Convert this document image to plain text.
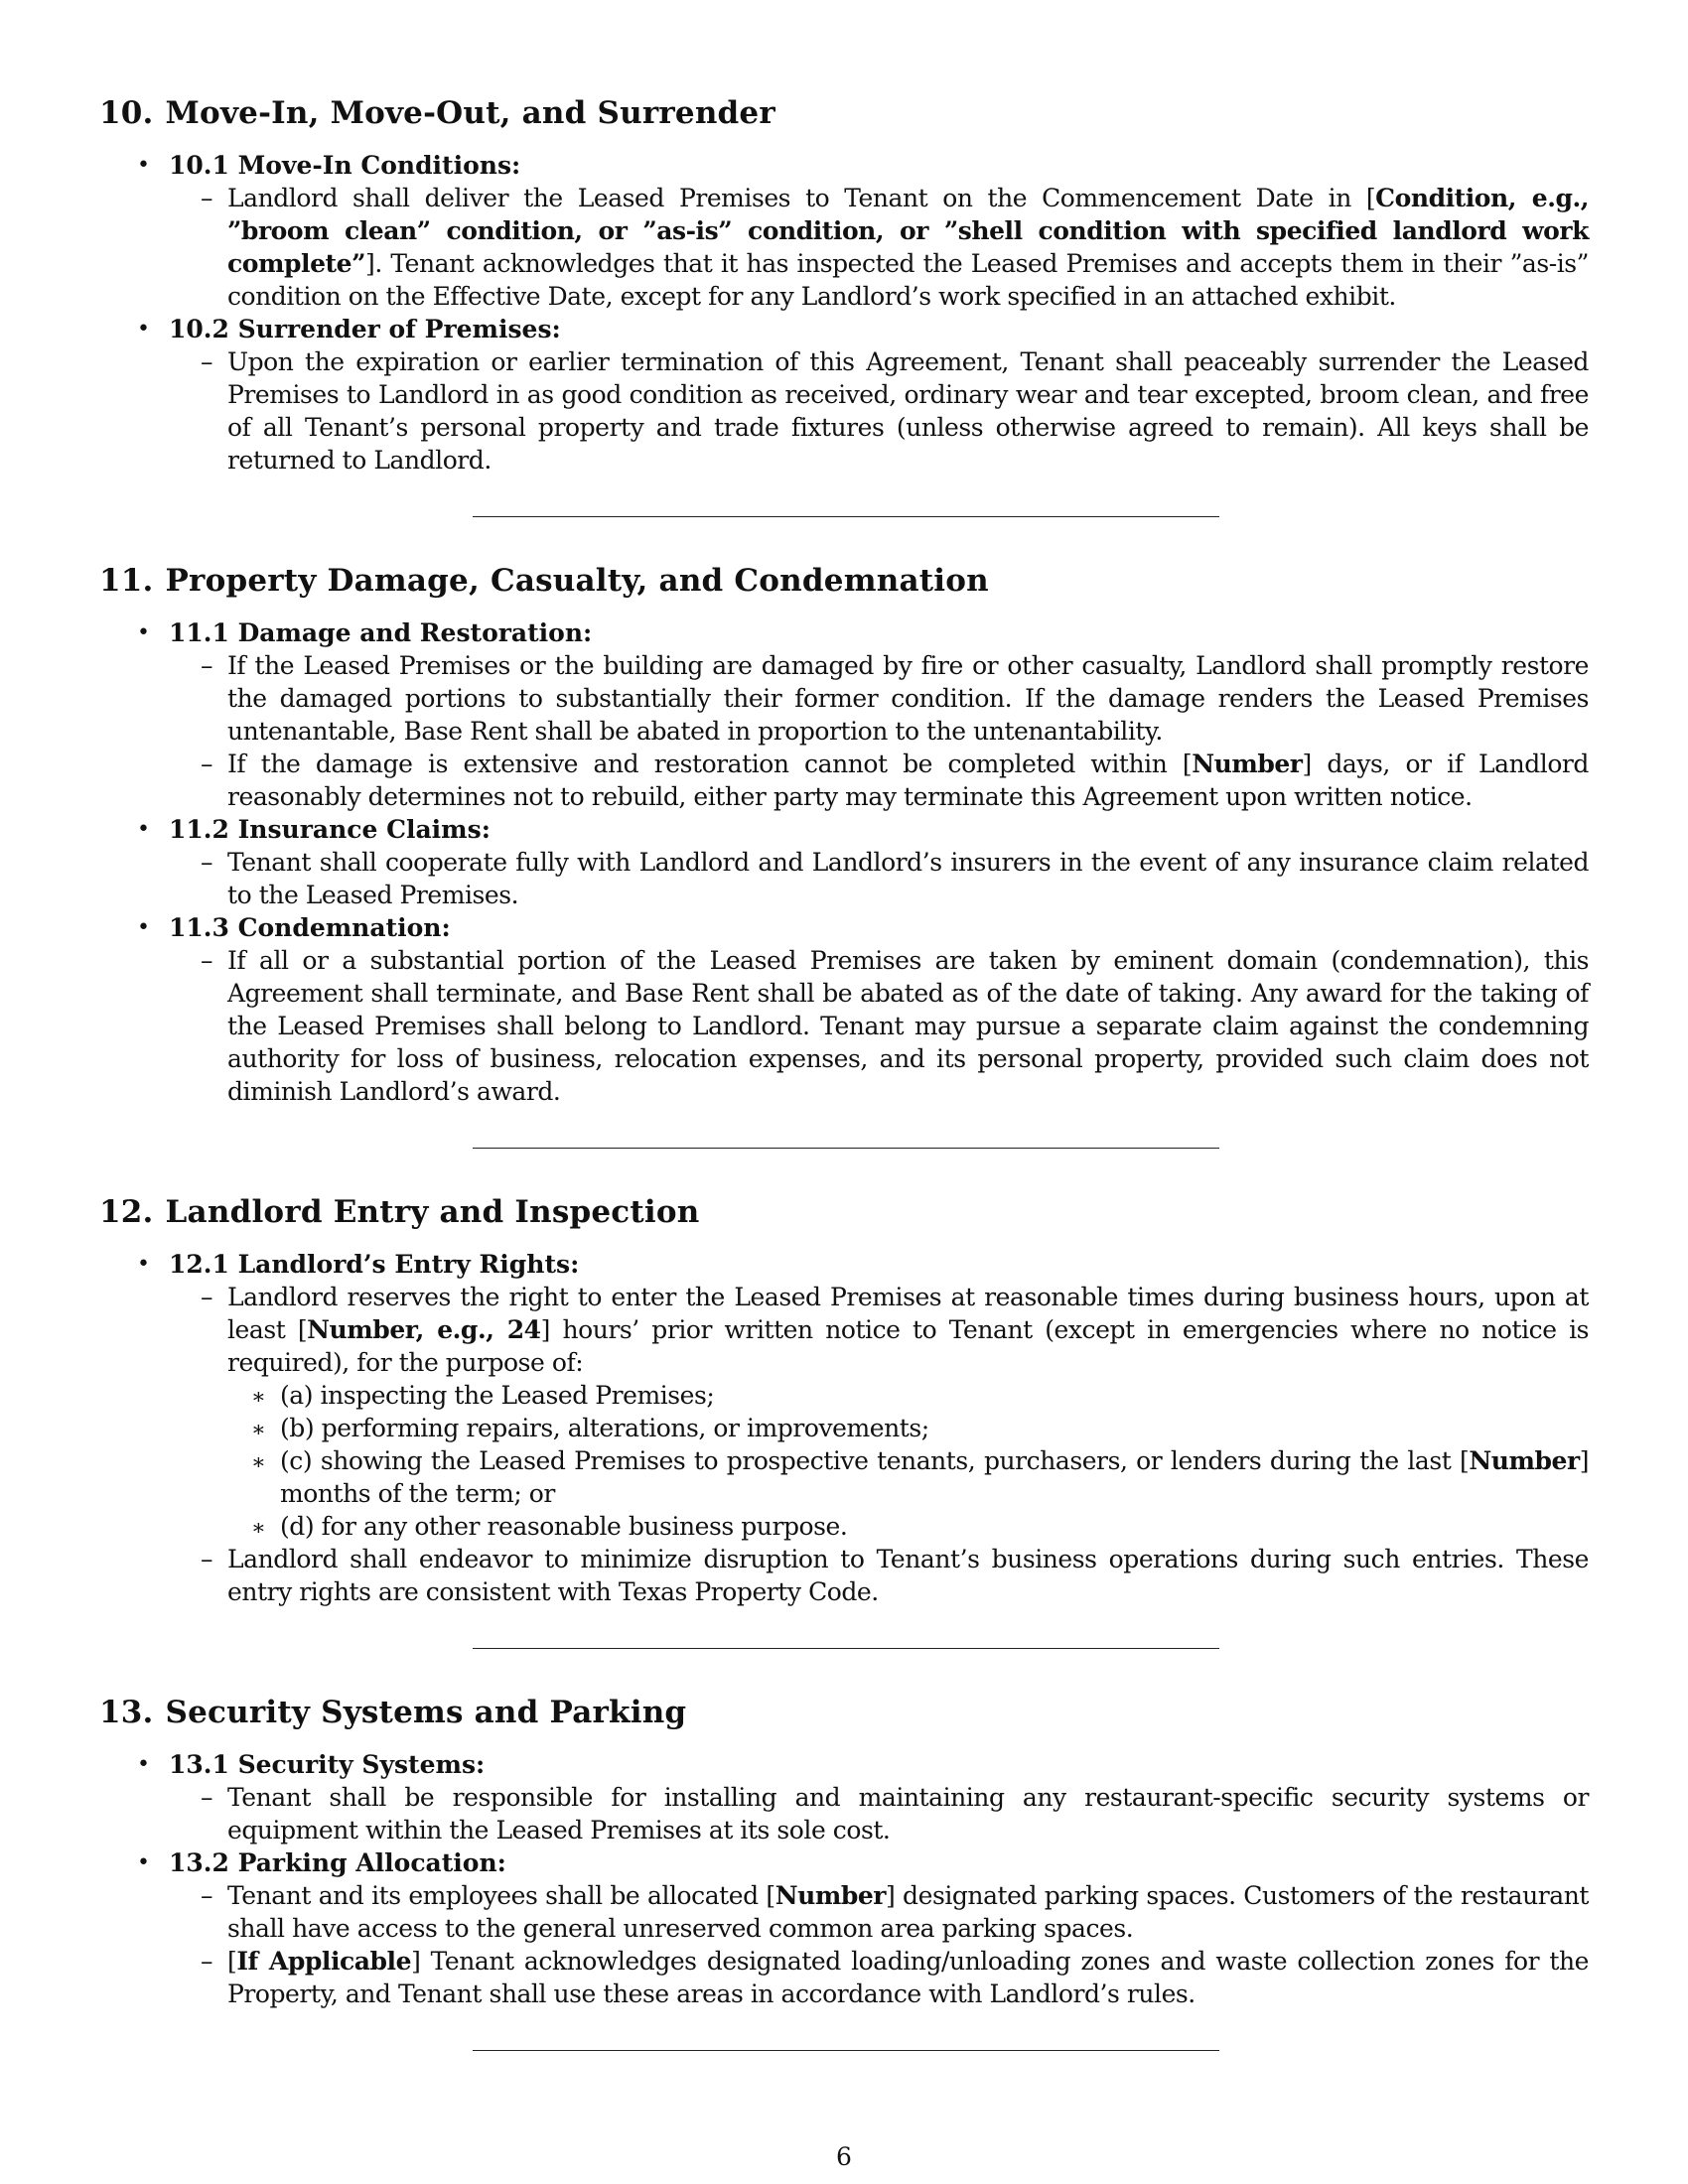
10. Move-In, Move-Out, and Surrender
• 10.1 Move-In Conditions:
– Landlord shall deliver the Leased Premises to Tenant on the Commencement Date in [Condition, e.g., ”broom clean” condition, or ”as-is” condition, or ”shell condition with specified landlord work complete”]. Tenant acknowledges that it has inspected the Leased Premises and accepts them in their ”as-is” condition on the Effective Date, except for any Landlord’s work specified in an attached exhibit.
• 10.2 Surrender of Premises:
– Upon the expiration or earlier termination of this Agreement, Tenant shall peaceably surrender the Leased Premises to Landlord in as good condition as received, ordinary wear and tear excepted, broom clean, and free of all Tenant’s personal property and trade fixtures (unless otherwise agreed to remain). All keys shall be returned to Landlord.
11. Property Damage, Casualty, and Condemnation
• 11.1 Damage and Restoration:
– If the Leased Premises or the building are damaged by fire or other casualty, Landlord shall promptly restore the damaged portions to substantially their former condition. If the damage renders the Leased Premises untenantable, Base Rent shall be abated in proportion to the untenantability.
– If the damage is extensive and restoration cannot be completed within [Number] days, or if Landlord reasonably determines not to rebuild, either party may terminate this Agreement upon written notice.
• 11.2 Insurance Claims:
– Tenant shall cooperate fully with Landlord and Landlord’s insurers in the event of any insurance claim related to the Leased Premises.
• 11.3 Condemnation:
– If all or a substantial portion of the Leased Premises are taken by eminent domain (condemnation), this Agreement shall terminate, and Base Rent shall be abated as of the date of taking. Any award for the taking of the Leased Premises shall belong to Landlord. Tenant may pursue a separate claim against the condemning authority for loss of business, relocation expenses, and its personal property, provided such claim does not diminish Landlord’s award.
12. Landlord Entry and Inspection
• 12.1 Landlord’s Entry Rights:
– Landlord reserves the right to enter the Leased Premises at reasonable times during business hours, upon at least [Number, e.g., 24] hours’ prior written notice to Tenant (except in emergencies where no notice is required), for the purpose of:
∗ (a) inspecting the Leased Premises;
∗ (b) performing repairs, alterations, or improvements;
∗ (c) showing the Leased Premises to prospective tenants, purchasers, or lenders during the last [Number] months of the term; or
∗ (d) for any other reasonable business purpose.
– Landlord shall endeavor to minimize disruption to Tenant’s business operations during such entries. These entry rights are consistent with Texas Property Code.
13. Security Systems and Parking
• 13.1 Security Systems:
– Tenant shall be responsible for installing and maintaining any restaurant-specific security systems or equipment within the Leased Premises at its sole cost.
• 13.2 Parking Allocation:
– Tenant and its employees shall be allocated [Number] designated parking spaces. Customers of the restaurant shall have access to the general unreserved common area parking spaces.
– [If Applicable] Tenant acknowledges designated loading/unloading zones and waste collection zones for the Property, and Tenant shall use these areas in accordance with Landlord’s rules.
6
